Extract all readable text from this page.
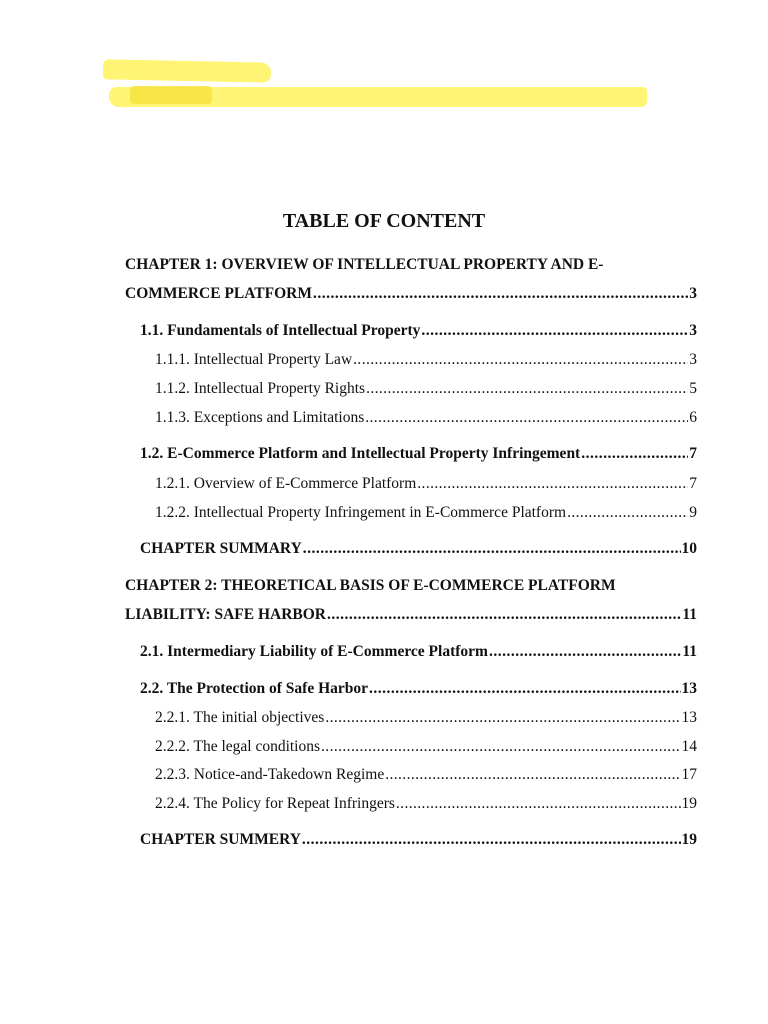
TABLE OF CONTENT
CHAPTER 1: OVERVIEW OF INTELLECTUAL PROPERTY AND E-
COMMERCE PLATFORM .....	3
1.1. Fundamentals of Intellectual Property .....	3
1.1.1. Intellectual Property Law .....	3
1.1.2. Intellectual Property Rights .....	5
1.1.3. Exceptions and Limitations .....	6
1.2. E-Commerce Platform and Intellectual Property Infringement .....	7
1.2.1. Overview of E-Commerce Platform .....	7
1.2.2. Intellectual Property Infringement in E-Commerce Platform .....	9
CHAPTER SUMMARY .....	10
CHAPTER 2: THEORETICAL BASIS OF E-COMMERCE PLATFORM
LIABILITY: SAFE HARBOR .....	11
2.1. Intermediary Liability of E-Commerce Platform .....	11
2.2. The Protection of Safe Harbor .....	13
2.2.1. The initial objectives .....	13
2.2.2. The legal conditions .....	14
2.2.3. Notice-and-Takedown Regime .....	17
2.2.4. The Policy for Repeat Infringers .....	19
CHAPTER SUMMERY .....	19
